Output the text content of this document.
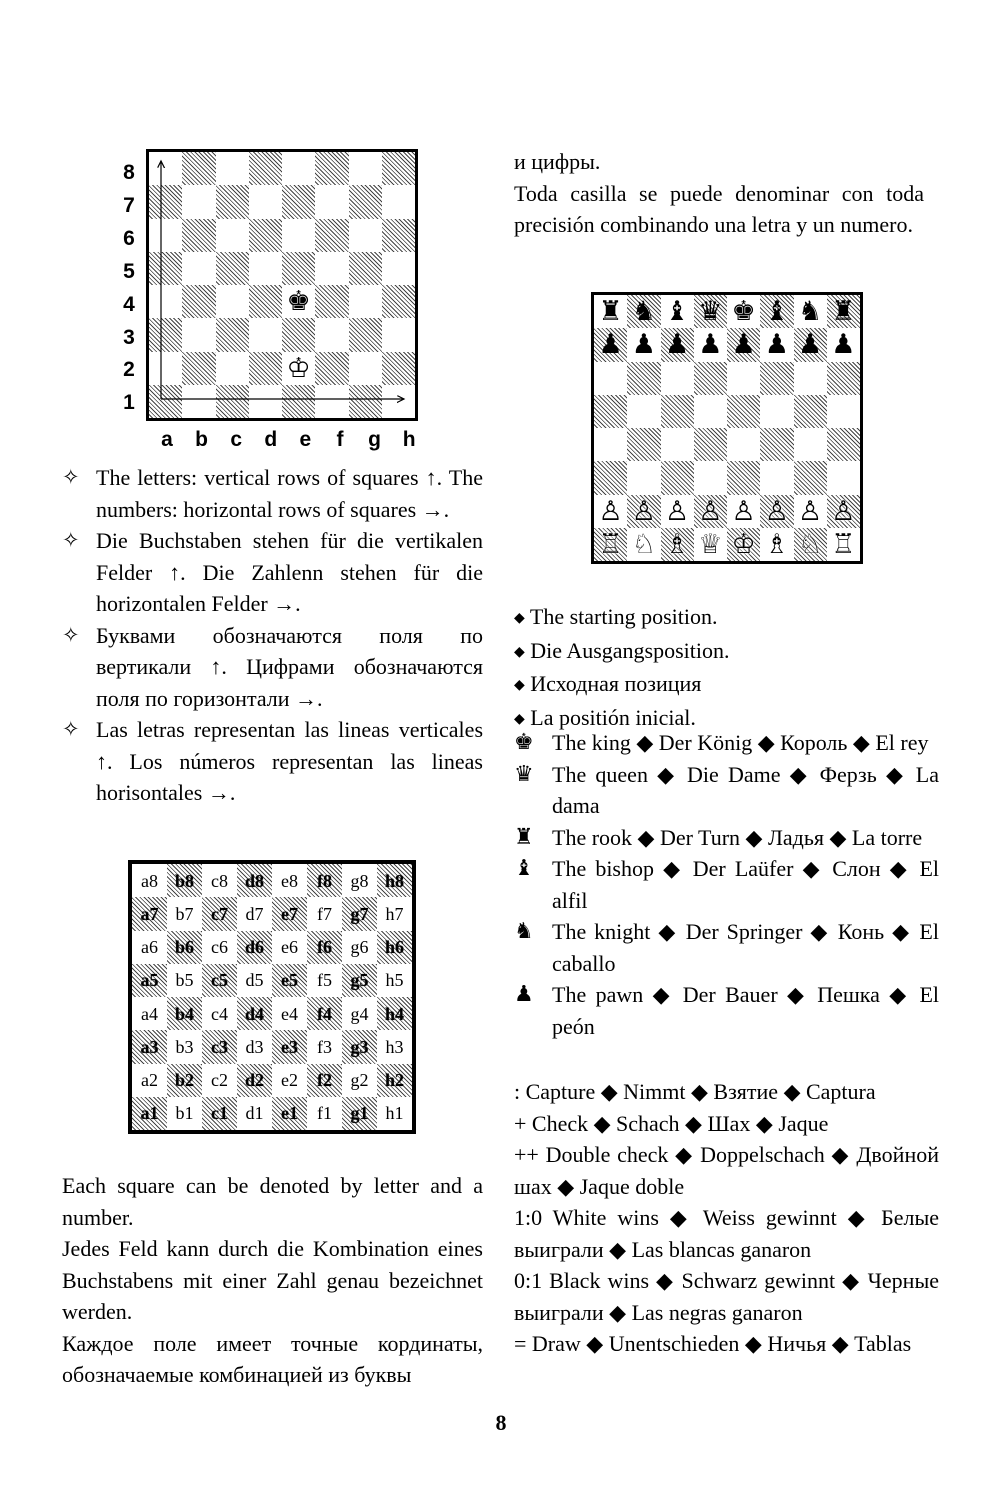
8
7
6
5
4
3
2
1
♚
♔
a b c d e	f	g h

✧ The letters: vertical rows of squares ↑. The numbers: horizontal rows of squares →.

✧ Die Buchstaben stehen für die vertikalen Felder ↑. Die Zahlenn stehen für die horizontalen Felder →.

✧ Буквами обозначаются поля по вертикали ↑. Цифрами обозначаются поля по горизонтали →.

✧ Las letras representan las lineas verticales ↑. Los números representan las lineas horisontales →.

a8 b8 c8 d8 e8 f8 g8 h8
a7 b7 c7 d7 e7 f7 g7 h7
a6 b6 c6 d6 e6 f6 g6 h6
a5 b5 c5 d5 e5 f5 g5 h5
a4 b4 c4 d4 e4 f4 g4 h4
a3 b3 c3 d3 e3 f3 g3 h3
a2 b2 c2 d2 e2 f2 g2 h2
a1 b1 c1 d1 e1 f1 g1 h1

Each square can be denoted by letter and a number.

Jedes Feld kann durch die Kombination eines Buchstabens mit einer Zahl genau bezeichnet werden.

Каждое поле имеет точные кординаты, обозначаемые комбинацией из буквы

и цифры.

Toda casilla se puede denominar con toda precisión combinando una letra y un numero.

♜ ♞ ♝ ♛ ♚ ♝ ♞ ♜
♟ ♟ ♟ ♟ ♟ ♟ ♟ ♟
♙ ♙ ♙ ♙ ♙ ♙ ♙ ♙
♖ ♘ ♗ ♕ ♔ ♗ ♘ ♖

◆ The starting position.

◆ Die Ausgangsposition.

◆ Исходная позиция

◆ La positión inicial.

♚ The king ◆ Der König ◆ Король ◆ El rey

♛ The queen ◆ Die Dame ◆ Ферзь ◆ La dama

♜ The rook ◆ Der Turn ◆ Ладья ◆ La torre

♝ The bishop ◆ Der Laüfer ◆ Слон ◆ El alfil

♞ The knight ◆ Der Springer ◆ Конь ◆ El caballo

♟ The pawn ◆ Der Bauer ◆ Пешка ◆ El peón

: Capture ◆ Nimmt ◆ Взятие ◆ Captura

+ Check ◆ Schach ◆ Шах ◆ Jaque

++ Double check ◆ Doppelschach ◆ Двойной шах ◆ Jaque doble

1:0 White wins ◆ Weiss gewinnt ◆ Белые выиграли ◆ Las blancas ganaron

0:1 Black wins ◆ Schwarz gewinnt ◆ Черные выиграли ◆ Las negras ganaron

= Draw ◆ Unentschieden ◆ Ничья ◆ Tablas

8
